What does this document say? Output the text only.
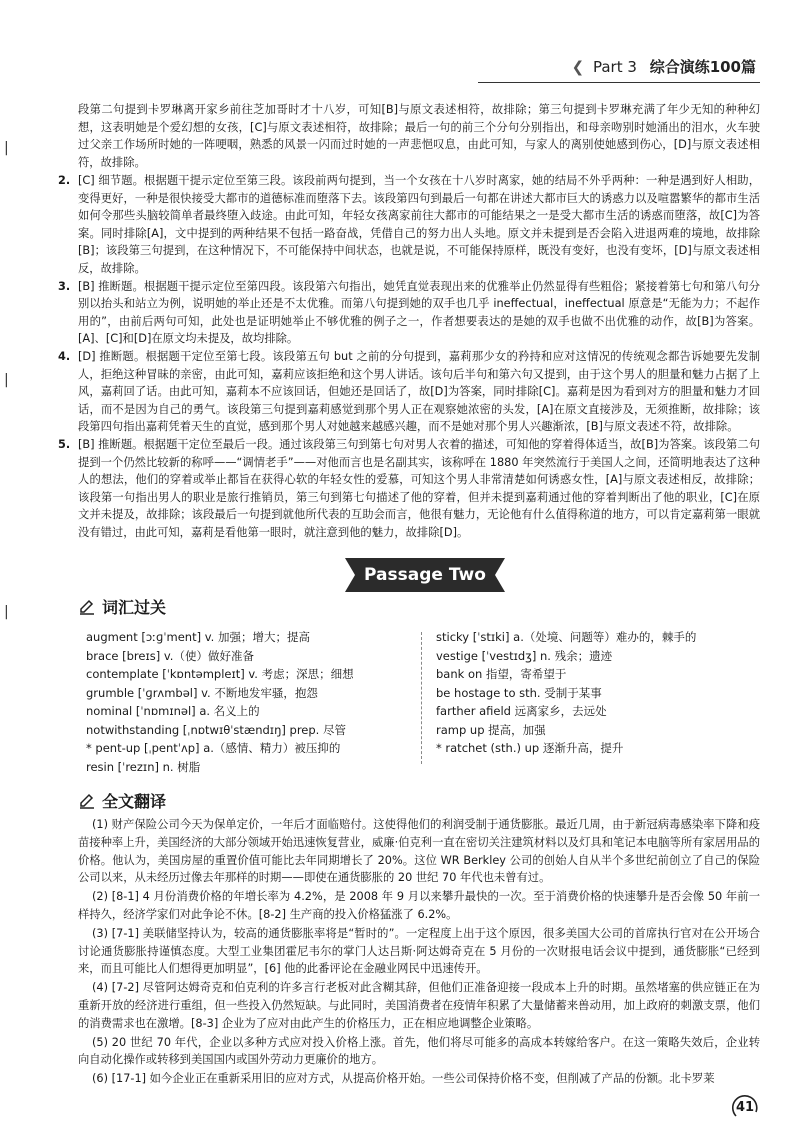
❮ Part 3 综合演练100篇
|
|
|

段第二句提到卡罗琳离开家乡前往芝加哥时才十八岁，可知[B]与原文表述相符，故排除；第三句提到卡罗琳充满了年少无知的种种幻想，这表明她是个爱幻想的女孩，[C]与原文表述相符，故排除；最后一句的前三个分句分别指出，和母亲吻别时她涌出的泪水，火车驶过父亲工作场所时她的一阵哽咽，熟悉的风景一闪而过时她的一声悲悒叹息，由此可知，与家人的离别使她感到伤心，[D]与原文表述相符，故排除。

2. [C] 细节题。根据题干提示定位至第三段。该段前两句提到，当一个女孩在十八岁时离家，她的结局不外乎两种：一种是遇到好人相助，变得更好，一种是很快接受大都市的道德标准而堕落下去。该段第四句到最后一句都在讲述大都市巨大的诱惑力以及喧嚣繁华的都市生活如何令那些头脑较简单者最终堕入歧途。由此可知，年轻女孩离家前往大都市的可能结果之一是受大都市生活的诱惑而堕落，故[C]为答案。同时排除[A]，文中提到的两种结果不包括一路奋战，凭借自己的努力出人头地。原文并未提到是否会陷入进退两难的境地，故排除[B]；该段第三句提到，在这种情况下，不可能保持中间状态，也就是说，不可能保持原样，既没有变好，也没有变坏，[D]与原文表述相反，故排除。

3. [B] 推断题。根据题干提示定位至第四段。该段第六句指出，她凭直觉表现出来的优雅举止仍然显得有些粗俗；紧接着第七句和第八句分别以抬头和站立为例，说明她的举止还是不太优雅。而第八句提到她的双手也几乎 ineffectual，ineffectual 原意是“无能为力；不起作用的”，由前后两句可知，此处也是证明她举止不够优雅的例子之一，作者想要表达的是她的双手也做不出优雅的动作，故[B]为答案。[A]、[C]和[D]在原文均未提及，故均排除。

4. [D] 推断题。根据题干定位至第七段。该段第五句 but 之前的分句提到，嘉莉那少女的矜持和应对这情况的传统观念都告诉她要先发制人，拒绝这种冒昧的亲密，由此可知，嘉莉应该拒绝和这个男人讲话。该句后半句和第六句又提到，由于这个男人的胆量和魅力占据了上风，嘉莉回了话。由此可知，嘉莉本不应该回话，但她还是回话了，故[D]为答案，同时排除[C]。嘉莉是因为看到对方的胆量和魅力才回话，而不是因为自己的勇气。该段第三句提到嘉莉感觉到那个男人正在观察她浓密的头发，[A]在原文直接涉及，无须推断，故排除；该段第四句指出嘉莉凭着天生的直觉，感到那个男人对她越来越感兴趣，而不是她对那个男人兴趣渐浓，[B]与原文表述不符，故排除。

5. [B] 推断题。根据题干定位至最后一段。通过该段第三句到第七句对男人衣着的描述，可知他的穿着得体适当，故[B]为答案。该段第二句提到一个仍然比较新的称呼——“调情老手”——对他而言也是名副其实，该称呼在 1880 年突然流行于美国人之间，还简明地表达了这种人的想法，他们的穿着或举止都旨在获得心软的年轻女性的爱慕，可知这个男人非常清楚如何诱惑女性，[A]与原文表述相反，故排除；该段第一句指出男人的职业是旅行推销员，第三句到第七句描述了他的穿着，但并未提到嘉莉通过他的穿着判断出了他的职业，[C]在原文并未提及，故排除；该段最后一句提到就他所代表的互助会而言，他很有魅力，无论他有什么值得称道的地方，可以肯定嘉莉第一眼就没有错过，由此可知，嘉莉是看他第一眼时，就注意到他的魅力，故排除[D]。

Passage Two
词汇过关
augment [ɔːɡˈment] v. 加强；增大；提高
brace [breɪs] v.（使）做好准备
contemplate [ˈkɒntəmpleɪt] v. 考虑；深思；细想
grumble [ˈɡrʌmbəl] v. 不断地发牢骚，抱怨
nominal [ˈnɒmɪnəl] a. 名义上的
notwithstanding [ˌnɒtwɪθˈstændɪŋ] prep. 尽管
* pent-up [ˌpentˈʌp] a.（感情、精力）被压抑的
resin [ˈrezɪn] n. 树脂
sticky [ˈstɪki] a.（处境、问题等）难办的，棘手的
vestige [ˈvestɪdʒ] n. 残余；遗迹
bank on 指望，寄希望于
be hostage to sth. 受制于某事
farther afield 远离家乡，去远处
ramp up 提高，加强
* ratchet (sth.) up 逐渐升高，提升
全文翻译

(1) 财产保险公司今天为保单定价，一年后才面临赔付。这使得他们的利润受制于通货膨胀。最近几周，由于新冠病毒感染率下降和疫苗接种率上升，美国经济的大部分领域开始迅速恢复营业，威廉·伯克利一直在密切关注建筑材料以及灯具和笔记本电脑等所有家居用品的价格。他认为，美国房屋的重置价值可能比去年同期增长了 20%。这位 WR Berkley 公司的创始人自从半个多世纪前创立了自己的保险公司以来，从未经历过像去年那样的时期——即使在通货膨胀的 20 世纪 70 年代也未曾有过。

(2) [8-1] 4 月份消费价格的年増长率为 4.2%，是 2008 年 9 月以来攀升最快的一次。至于消费价格的快速攀升是否会像 50 年前一样持久，经济学家们对此争论不休。[8-2] 生产商的投入价格猛涨了 6.2%。

(3) [7-1] 美联储坚持认为，较高的通货膨胀率将是“暂时的”。一定程度上出于这个原因，很多美国大公司的首席执行官对在公开场合讨论通货膨胀持谨慎态度。大型工业集团霍尼韦尔的掌门人达吕斯·阿达姆奇克在 5 月份的一次财报电话会议中提到，通货膨胀“已经到来，而且可能比人们想得更加明显”，[6] 他的此番评论在金融业网民中迅速传开。

(4) [7-2] 尽管阿达姆奇克和伯克利的许多言行老板对此含糊其辞，但他们正准备迎接一段成本上升的时期。虽然堵塞的供应链正在为重新开放的经济进行重组，但一些投入仍然短缺。与此同时，美国消费者在疫情年积累了大量储蓄来兽动用，加上政府的刺激支票，他们的消费需求也在激增。[8-3] 企业为了应对由此产生的价格压力，正在相应地调整企业策略。

(5) 20 世纪 70 年代，企业以多种方式应对投入价格上涨。首先，他们将尽可能多的高成本转嫁给客户。在这一策略失效后，企业转向自动化操作或转移到美国国内或国外劳动力更廉价的地方。

(6) [17-1] 如今企业正在重新采用旧的应对方式，从提高价格开始。一些公司保持价格不变，但削减了产品的份额。北卡罗莱

41
